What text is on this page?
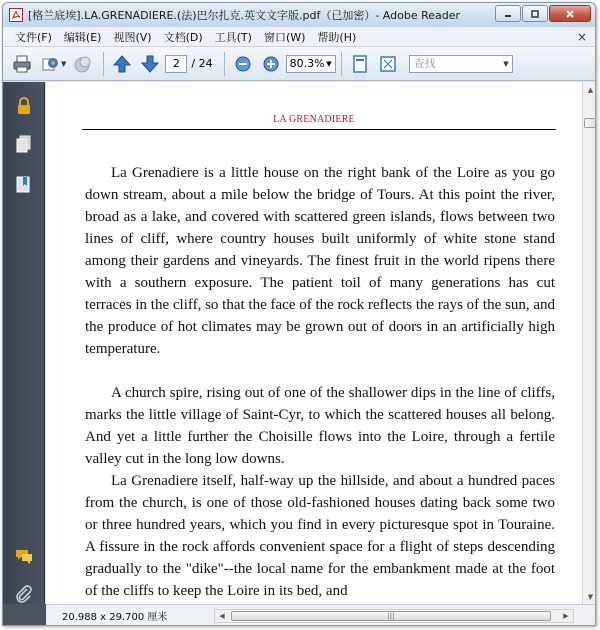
[格兰底埃].LA.GRENADIERE.(法)巴尔扎克.英文文字版.pdf（已加密）- Adobe Reader
文件(F)	编辑(E)	视图(V)	文档(D)	工具(T)	窗口(W)	帮助(H)	×
▼	2	/ 24	80.3% ▼	查找	▼
LA GRENADIERE

La Grenadiere is a little house on the right bank of the Loire as you go down stream, about a mile below the bridge of Tours. At this point the river, broad as a lake, and covered with scattered green islands, flows between two lines of cliff, where country houses built uniformly of white stone stand among their gardens and vineyards. The finest fruit in the world ripens there with a southern exposure. The patient toil of many generations has cut terraces in the cliff, so that the face of the rock reflects the rays of the sun, and the produce of hot climates may be grown out of doors in an artificially high temperature.

A church spire, rising out of one of the shallower dips in the line of cliffs, marks the little village of Saint-Cyr, to which the scattered houses all belong. And yet a little further the Choisille flows into the Loire, through a fertile valley cut in the long low downs.

La Grenadiere itself, half-way up the hillside, and about a hundred paces from the church, is one of those old-fashioned houses dating back some two or three hundred years, which you find in every picturesque spot in Touraine. A fissure in the rock affords convenient space for a flight of steps descending gradually to the "dike"--the local name for the embankment made at the foot of the cliffs to keep the Loire in its bed, and

▲
▼
20.988 x 29.700 厘米	◀	|||	▶
